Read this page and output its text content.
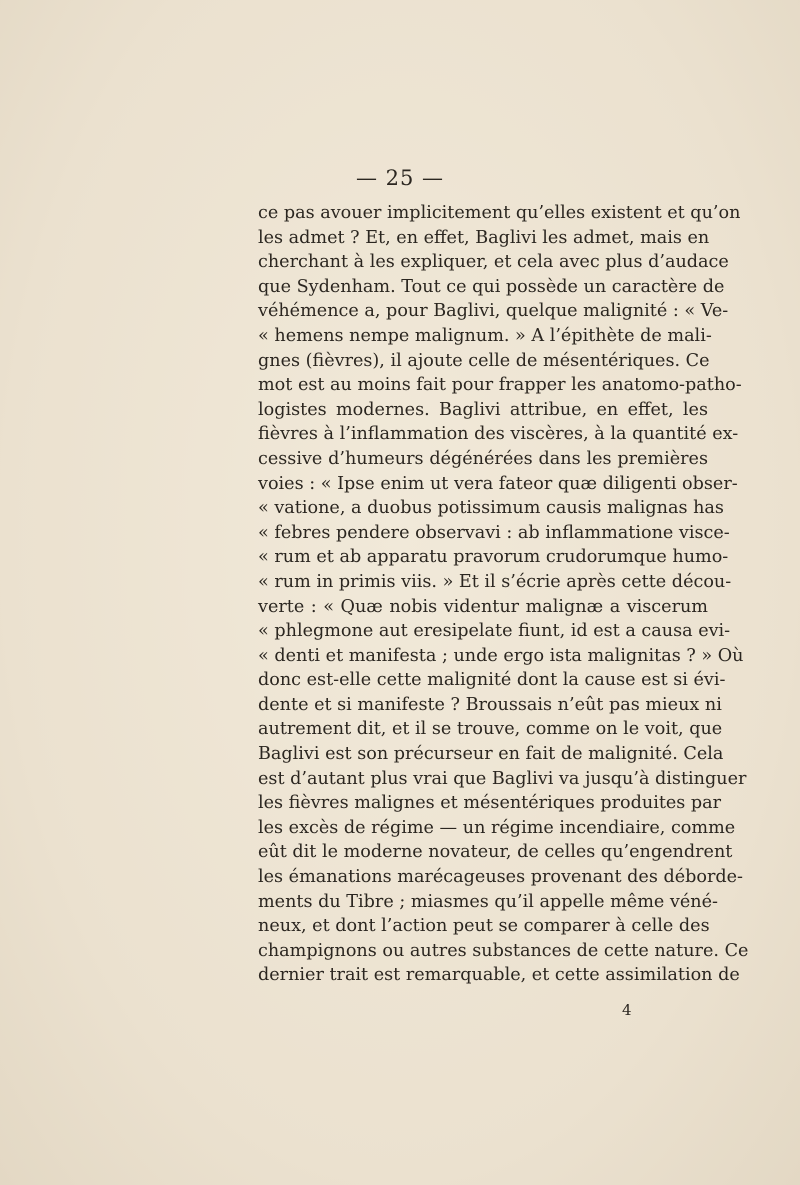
— 25 —
ce pas avouer implicitement qu’elles existent et qu’on
les admet ? Et, en effet, Baglivi les admet, mais en
cherchant à les expliquer, et cela avec plus d’audace
que Sydenham. Tout ce qui possède un caractère de
véhémence a, pour Baglivi, quelque malignité : « Ve-
« hemens nempe malignum. » A l’épithète de mali-
gnes (fièvres), il ajoute celle de mésentériques. Ce
mot est au moins fait pour frapper les anatomo-patho-
logistes modernes. Baglivi attribue, en effet, les
fièvres à l’inflammation des viscères, à la quantité ex-
cessive d’humeurs dégénérées dans les premières
voies : « Ipse enim ut vera fateor quæ diligenti obser-
« vatione, a duobus potissimum causis malignas has
« febres pendere observavi : ab inflammatione visce-
« rum et ab apparatu pravorum crudorumque humo-
« rum in primis viis. » Et il s’écrie après cette décou-
verte : « Quæ nobis videntur malignæ a viscerum
« phlegmone aut eresipelate fiunt, id est a causa evi-
« denti et manifesta ; unde ergo ista malignitas ? » Où
donc est-elle cette malignité dont la cause est si évi-
dente et si manifeste ? Broussais n’eût pas mieux ni
autrement dit, et il se trouve, comme on le voit, que
Baglivi est son précurseur en fait de malignité. Cela
est d’autant plus vrai que Baglivi va jusqu’à distinguer
les fièvres malignes et mésentériques produites par
les excès de régime — un régime incendiaire, comme
eût dit le moderne novateur, de celles qu’engendrent
les émanations marécageuses provenant des déborde-
ments du Tibre ; miasmes qu’il appelle même véné-
neux, et dont l’action peut se comparer à celle des
champignons ou autres substances de cette nature. Ce
dernier trait est remarquable, et cette assimilation de
4
